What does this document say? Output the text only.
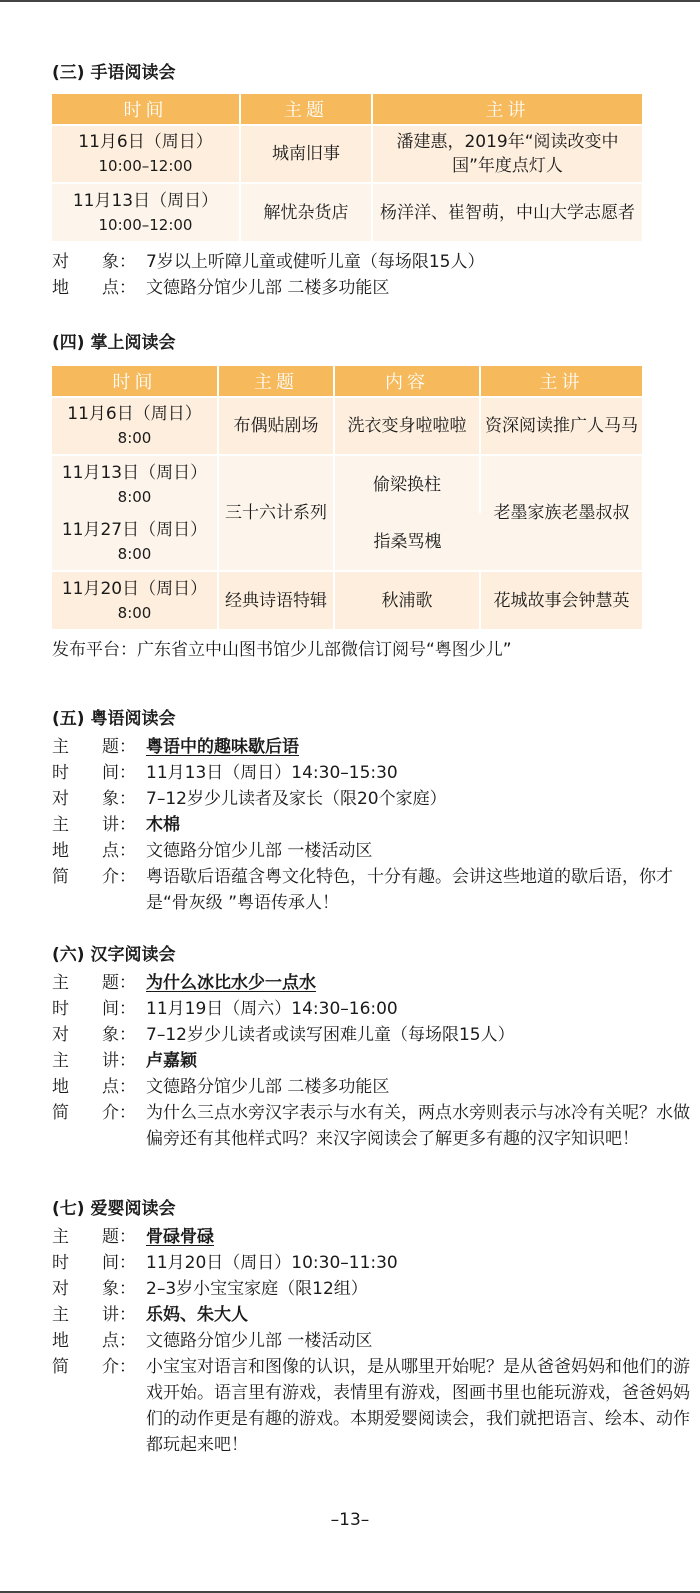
(三) 手语阅读会
时间	主题	主讲

11月6日（周日）
10:00–12:00	城南旧事	潘建惠，2019年“阅读改变中国”年度点灯人

11月13日（周日）
10:00–12:00	解忧杂货店	杨洋洋、崔智萌，中山大学志愿者
对 象： 7岁以上听障儿童或健听儿童（每场限15人）
地 点： 文德路分馆少儿部 二楼多功能区
(四) 掌上阅读会
时间	主题	内容	主讲

11月6日（周日）
8:00	布偶贴剧场	洗衣变身啦啦啦	资深阅读推广人马马

11月13日（周日）
8:00	三十六计系列	偷梁换柱	老墨家族老墨叔叔

11月27日（周日）
8:00		指桑骂槐	

11月20日（周日）
8:00	经典诗语特辑	秋浦歌	花城故事会钟慧英

发布平台：广东省立中山图书馆少儿部微信订阅号“粤图少儿”

(五) 粤语阅读会
主 题： 粤语中的趣味歇后语
时 间： 11月13日（周日）14:30–15:30
对 象： 7–12岁少儿读者及家长（限20个家庭）
主 讲： 木棉
地 点： 文德路分馆少儿部 一楼活动区
简 介： 粤语歇后语蕴含粤文化特色，十分有趣。会讲这些地道的歇后语，你才是“骨灰级 ”粤语传承人！
(六) 汉字阅读会
主 题： 为什么冰比水少一点水
时 间： 11月19日（周六）14:30–16:00
对 象： 7–12岁少儿读者或读写困难儿童（每场限15人）
主 讲： 卢嘉颖
地 点： 文德路分馆少儿部 二楼多功能区
简 介： 为什么三点水旁汉字表示与水有关，两点水旁则表示与冰冷有关呢？水做偏旁还有其他样式吗？来汉字阅读会了解更多有趣的汉字知识吧！
(七) 爱婴阅读会
主 题： 骨碌骨碌
时 间： 11月20日（周日）10:30–11:30
对 象： 2–3岁小宝宝家庭（限12组）
主 讲： 乐妈、朱大人
地 点： 文德路分馆少儿部 一楼活动区
简 介： 小宝宝对语言和图像的认识，是从哪里开始呢？是从爸爸妈妈和他们的游戏开始。语言里有游戏，表情里有游戏，图画书里也能玩游戏，爸爸妈妈们的动作更是有趣的游戏。本期爱婴阅读会，我们就把语言、绘本、动作都玩起来吧！
–13–
